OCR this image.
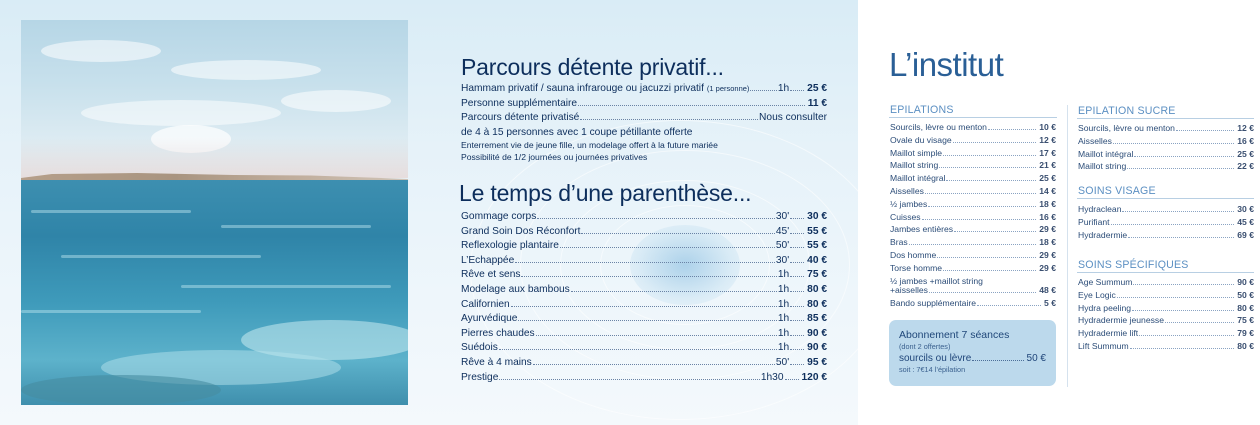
Parcours détente privatif...
Hammam privatif / sauna infrarouge ou jacuzzi privatif (1 personne)	1h 25 €
Personne supplémentaire	11 €
Parcours détente privatisé	Nous consulter
de 4 à 15 personnes avec 1 coupe pétillante offerte
Enterrement vie de jeune fille, un modelage offert à la future mariée
Possibilité de 1/2 journées ou journées privatives
Le temps d’une parenthèse...
Gommage corps	30' 30 €
Grand Soin Dos Réconfort	45' 55 €
Reflexologie plantaire	50' 55 €
L’Echappée	30' 40 €
Rêve et sens	1h 75 €
Modelage aux bambous	1h 80 €
Californien	1h 80 €
Ayurvédique	1h 85 €
Pierres chaudes	1h 90 €
Suédois	1h 90 €
Rêve à 4 mains	50' 95 €
Prestige	1h30 120 €
L’institut
EPILATIONS
Sourcils, lèvre ou menton	10 €
Ovale du visage	12 €
Maillot simple	17 €
Maillot string	21 €
Maillot intégral	25 €
Aisselles	14 €
½ jambes	18 €
Cuisses	16 €
Jambes entières	29 €
Bras	18 €
Dos homme	29 €
Torse homme	29 €
½ jambes +maillot string
+aisselles	48 €
Bando supplémentaire	5 €
Abonnement 7 séances
(dont 2 offertes)
sourcils ou lèvre	50 €
soit : 7€14 l’épilation
EPILATION SUCRE
Sourcils, lèvre ou menton	12 €
Aisselles	16 €
Maillot intégral	25 €
Maillot string	22 €
SOINS VISAGE
Hydraclean	30 €
Purifiant	45 €
Hydradermie	69 €
SOINS SPÉCIFIQUES
Age Summum	90 €
Eye Logic	50 €
Hydra peeling	80 €
Hydradermie jeunesse	75 €
Hydradermie lift	79 €
Lift Summum	80 €
